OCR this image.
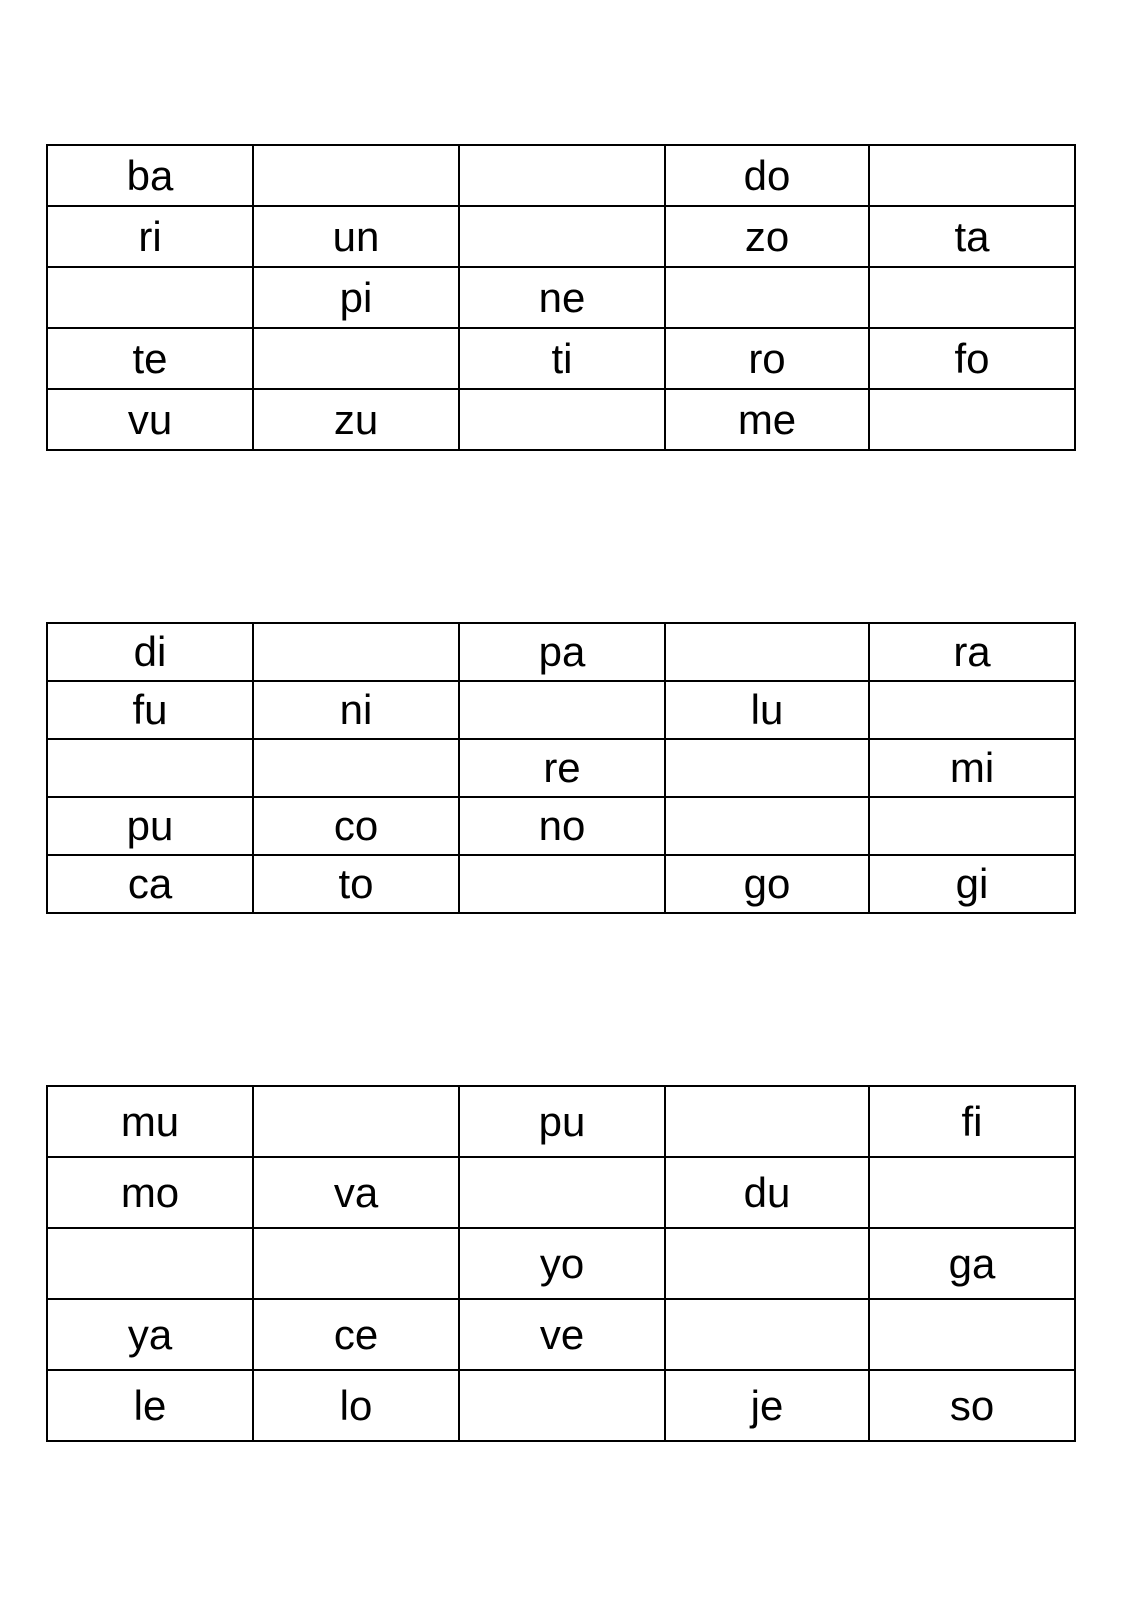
ba			do	
ri	un		zo	ta
	pi	ne		
te		ti	ro	fo
vu	zu		me	
di		pa		ra
fu	ni		lu	
		re		mi
pu	co	no		
ca	to		go	gi
mu		pu		fi
mo	va		du	
		yo		ga
ya	ce	ve		
le	lo		je	so
